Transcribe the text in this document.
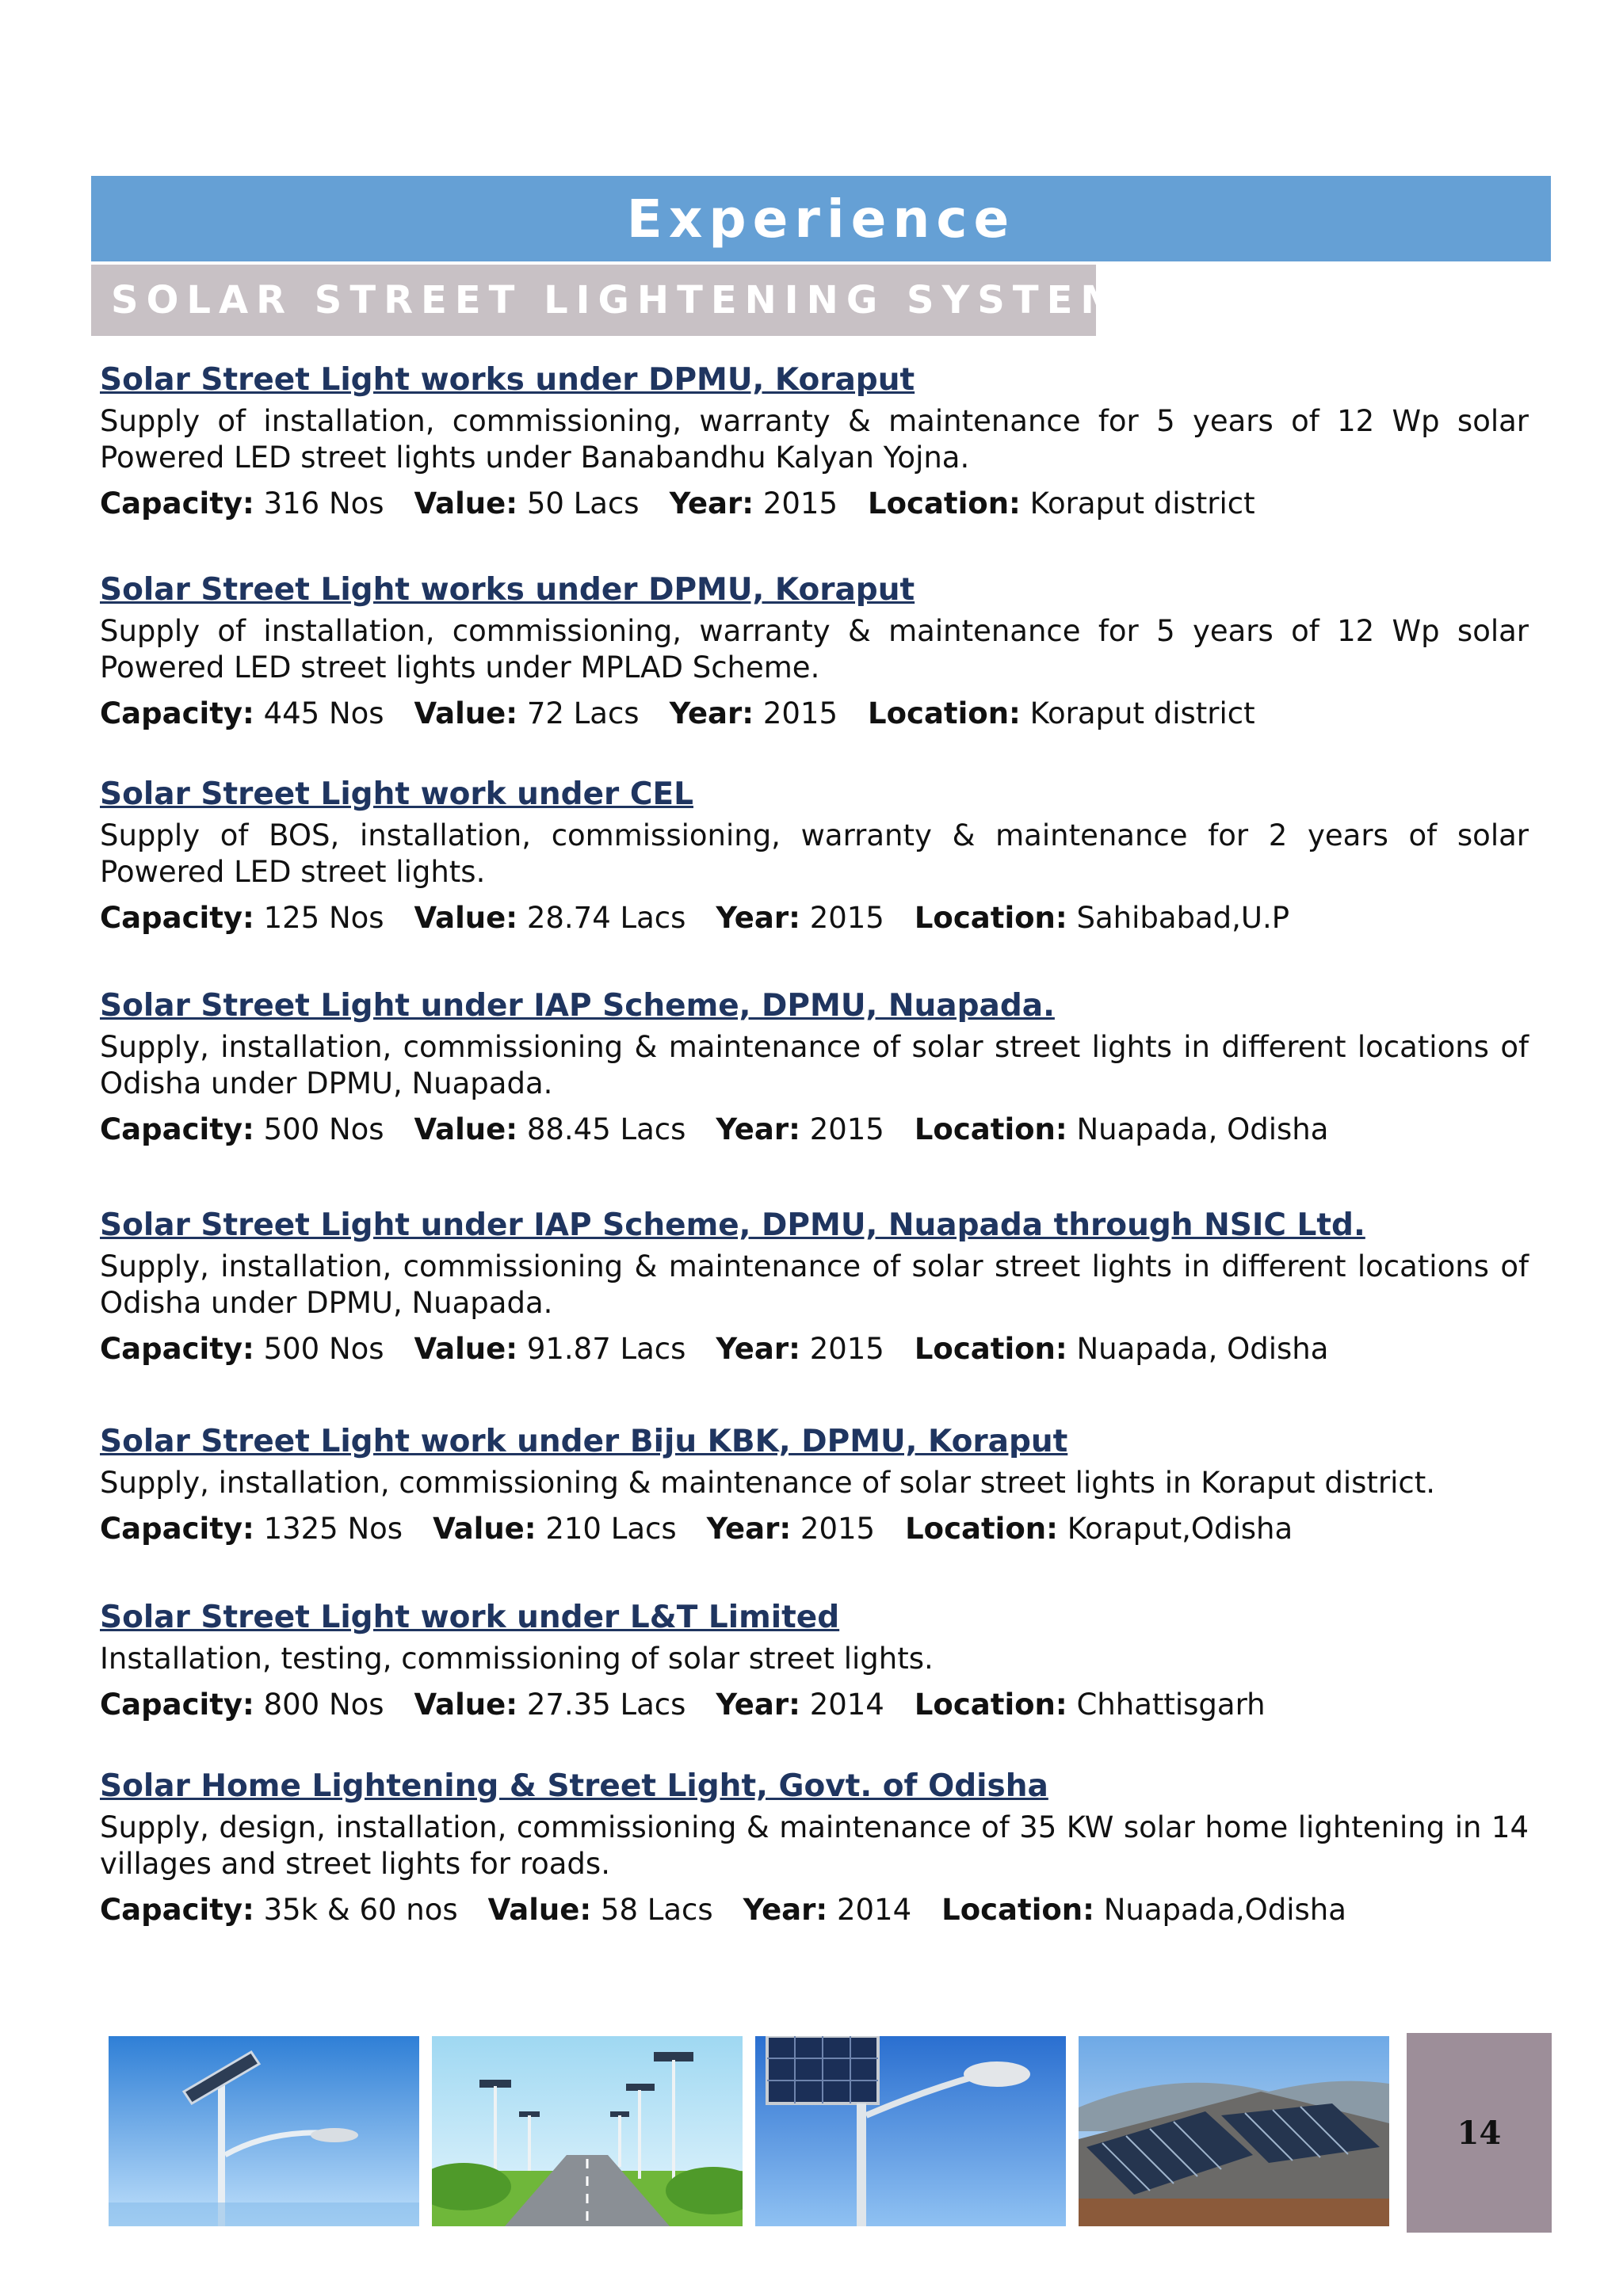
Experience
SOLAR STREET LIGHTENING SYSTEMS
Solar Street Light works under DPMU, Koraput
Supply of installation, commissioning, warranty & maintenance for 5 years of 12 Wp solar Powered LED street lights under Banabandhu Kalyan Yojna.
Capacity: 316 Nos Value: 50 Lacs Year: 2015 Location: Koraput district
Solar Street Light works under DPMU, Koraput
Supply of installation, commissioning, warranty & maintenance for 5 years of 12 Wp solar Powered LED street lights under MPLAD Scheme.
Capacity: 445 Nos Value: 72 Lacs Year: 2015 Location: Koraput district
Solar Street Light work under CEL
Supply of BOS, installation, commissioning, warranty & maintenance for 2 years of solar Powered LED street lights.
Capacity: 125 Nos Value: 28.74 Lacs Year: 2015 Location: Sahibabad,U.P
Solar Street Light under IAP Scheme, DPMU, Nuapada.
Supply, installation, commissioning & maintenance of solar street lights in different locations of Odisha under DPMU, Nuapada.
Capacity: 500 Nos Value: 88.45 Lacs Year: 2015 Location: Nuapada, Odisha
Solar Street Light under IAP Scheme, DPMU, Nuapada through NSIC Ltd.
Supply, installation, commissioning & maintenance of solar street lights in different locations of Odisha under DPMU, Nuapada.
Capacity: 500 Nos Value: 91.87 Lacs Year: 2015 Location: Nuapada, Odisha
Solar Street Light work under Biju KBK, DPMU, Koraput
Supply, installation, commissioning & maintenance of solar street lights in Koraput district.
Capacity: 1325 Nos Value: 210 Lacs Year: 2015 Location: Koraput,Odisha
Solar Street Light work under L&T Limited
Installation, testing, commissioning of solar street lights.
Capacity: 800 Nos Value: 27.35 Lacs Year: 2014 Location: Chhattisgarh
Solar Home Lightening & Street Light, Govt. of Odisha
Supply, design, installation, commissioning & maintenance of 35 KW solar home lightening in 14 villages and street lights for roads.
Capacity: 35k & 60 nos Value: 58 Lacs Year: 2014 Location: Nuapada,Odisha
14
